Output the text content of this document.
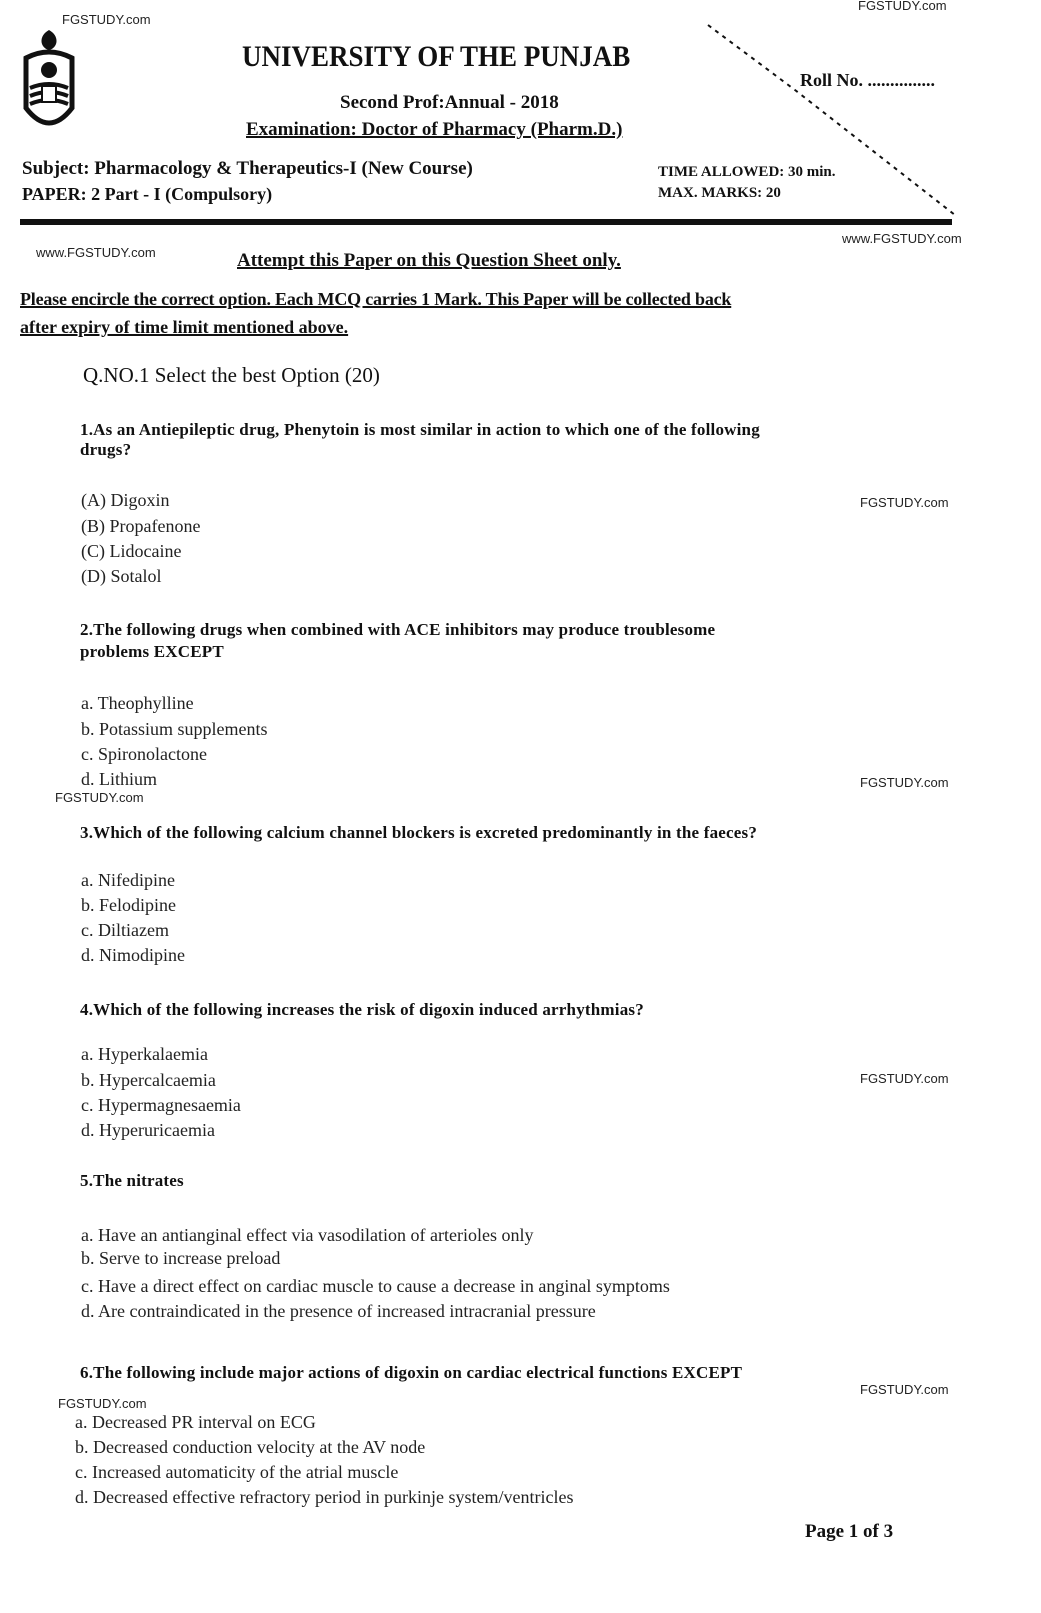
FGSTUDY.com
FGSTUDY.com
UNIVERSITY OF THE PUNJAB
Roll No. ...............
Second Prof:Annual - 2018
Examination: Doctor of Pharmacy (Pharm.D.)
Subject: Pharmacology & Therapeutics-I (New Course)
PAPER: 2 Part - I (Compulsory)
TIME ALLOWED: 30 min.
MAX. MARKS: 20
www.FGSTUDY.com
www.FGSTUDY.com	Attempt this Paper on this Question Sheet only.
Please encircle the correct option. Each MCQ carries 1 Mark. This Paper will be collected back
after expiry of time limit mentioned above.
Q.NO.1 Select the best Option (20)
1.As an Antiepileptic drug, Phenytoin is most similar in action to which one of the following
drugs?
(A) Digoxin
(B) Propafenone
(C) Lidocaine
(D) Sotalol
2.The following drugs when combined with ACE inhibitors may produce troublesome
problems EXCEPT
a. Theophylline
b. Potassium supplements
c. Spironolactone
d. Lithium
3.Which of the following calcium channel blockers is excreted predominantly in the faeces?
a. Nifedipine
b. Felodipine
c. Diltiazem
d. Nimodipine
4.Which of the following increases the risk of digoxin induced arrhythmias?
a. Hyperkalaemia
b. Hypercalcaemia
c. Hypermagnesaemia
d. Hyperuricaemia
5.The nitrates
a. Have an antianginal effect via vasodilation of arterioles only
b. Serve to increase preload
c. Have a direct effect on cardiac muscle to cause a decrease in anginal symptoms
d. Are contraindicated in the presence of increased intracranial pressure
6.The following include major actions of digoxin on cardiac electrical functions EXCEPT
a. Decreased PR interval on ECG
b. Decreased conduction velocity at the AV node
c. Increased automaticity of the atrial muscle
d. Decreased effective refractory period in purkinje system/ventricles
FGSTUDY.com
FGSTUDY.com
FGSTUDY.com
FGSTUDY.com
FGSTUDY.com
FGSTUDY.com
Page 1 of 3
